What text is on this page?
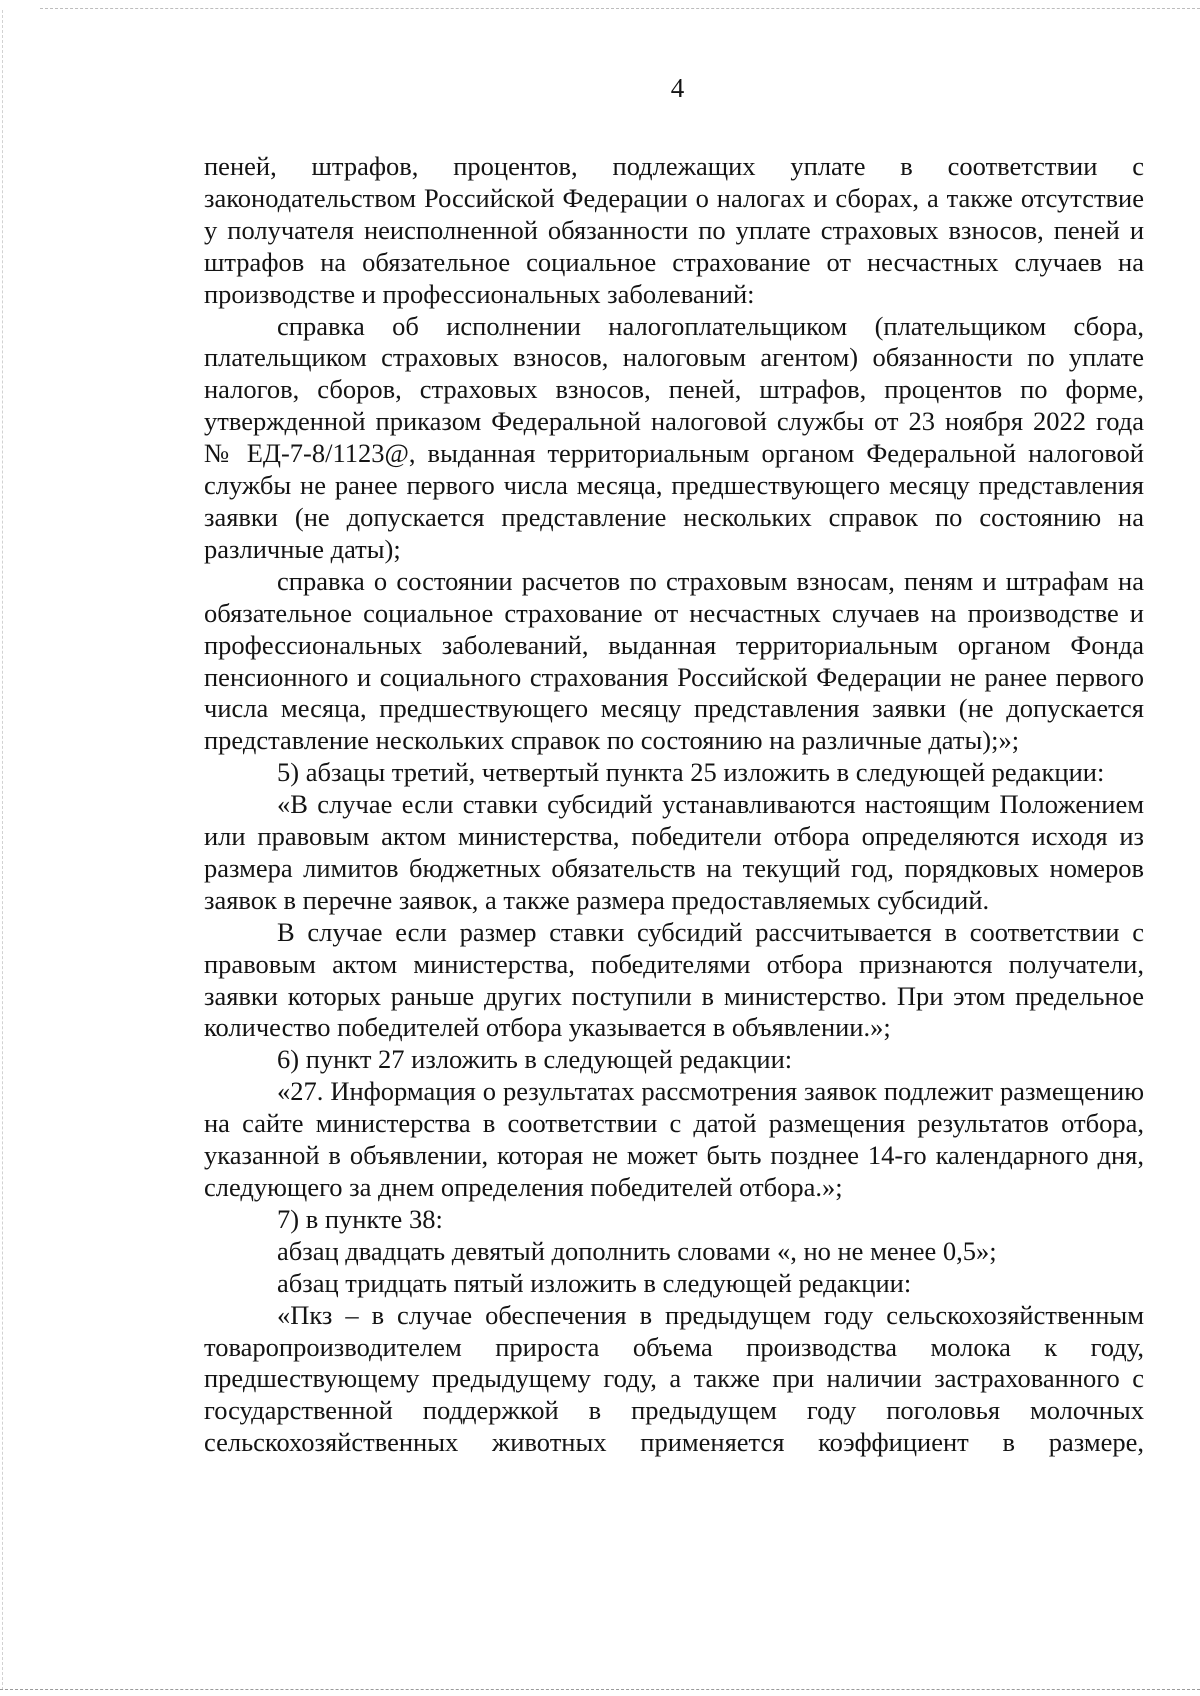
4

пеней, штрафов, процентов, подлежащих уплате в соответствии с законодательством Российской Федерации о налогах и сборах, а также отсутствие у получателя неисполненной обязанности по уплате страховых взносов, пеней и штрафов на обязательное социальное страхование от несчастных случаев на производстве и профессиональных заболеваний:

справка об исполнении налогоплательщиком (плательщиком сбора, плательщиком страховых взносов, налоговым агентом) обязанности по уплате налогов, сборов, страховых взносов, пеней, штрафов, процентов по форме, утвержденной приказом Федеральной налоговой службы от 23 ноября 2022 года № ЕД-7-8/1123@, выданная территориальным органом Федеральной налоговой службы не ранее первого числа месяца, предшествующего месяцу представления заявки (не допускается представление нескольких справок по состоянию на различные даты);

справка о состоянии расчетов по страховым взносам, пеням и штрафам на обязательное социальное страхование от несчастных случаев на производстве и профессиональных заболеваний, выданная территориальным органом Фонда пенсионного и социального страхования Российской Федерации не ранее первого числа месяца, предшествующего месяцу представления заявки (не допускается представление нескольких справок по состоянию на различные даты);»;

5) абзацы третий, четвертый пункта 25 изложить в следующей редакции:

«В случае если ставки субсидий устанавливаются настоящим Положением или правовым актом министерства, победители отбора определяются исходя из размера лимитов бюджетных обязательств на текущий год, порядковых номеров заявок в перечне заявок, а также размера предоставляемых субсидий.

В случае если размер ставки субсидий рассчитывается в соответствии с правовым актом министерства, победителями отбора признаются получатели, заявки которых раньше других поступили в министерство. При этом предельное количество победителей отбора указывается в объявлении.»;

6) пункт 27 изложить в следующей редакции:

«27. Информация о результатах рассмотрения заявок подлежит размещению на сайте министерства в соответствии с датой размещения результатов отбора, указанной в объявлении, которая не может быть позднее 14-го календарного дня, следующего за днем определения победителей отбора.»;

7) в пункте 38:

абзац двадцать девятый дополнить словами «, но не менее 0,5»;

абзац тридцать пятый изложить в следующей редакции:

«Пкз – в случае обеспечения в предыдущем году сельскохозяйственным товаропроизводителем прироста объема производства молока к году, предшествующему предыдущему году, а также при наличии застрахованного с государственной поддержкой в предыдущем году поголовья молочных сельскохозяйственных животных применяется коэффициент в размере,
